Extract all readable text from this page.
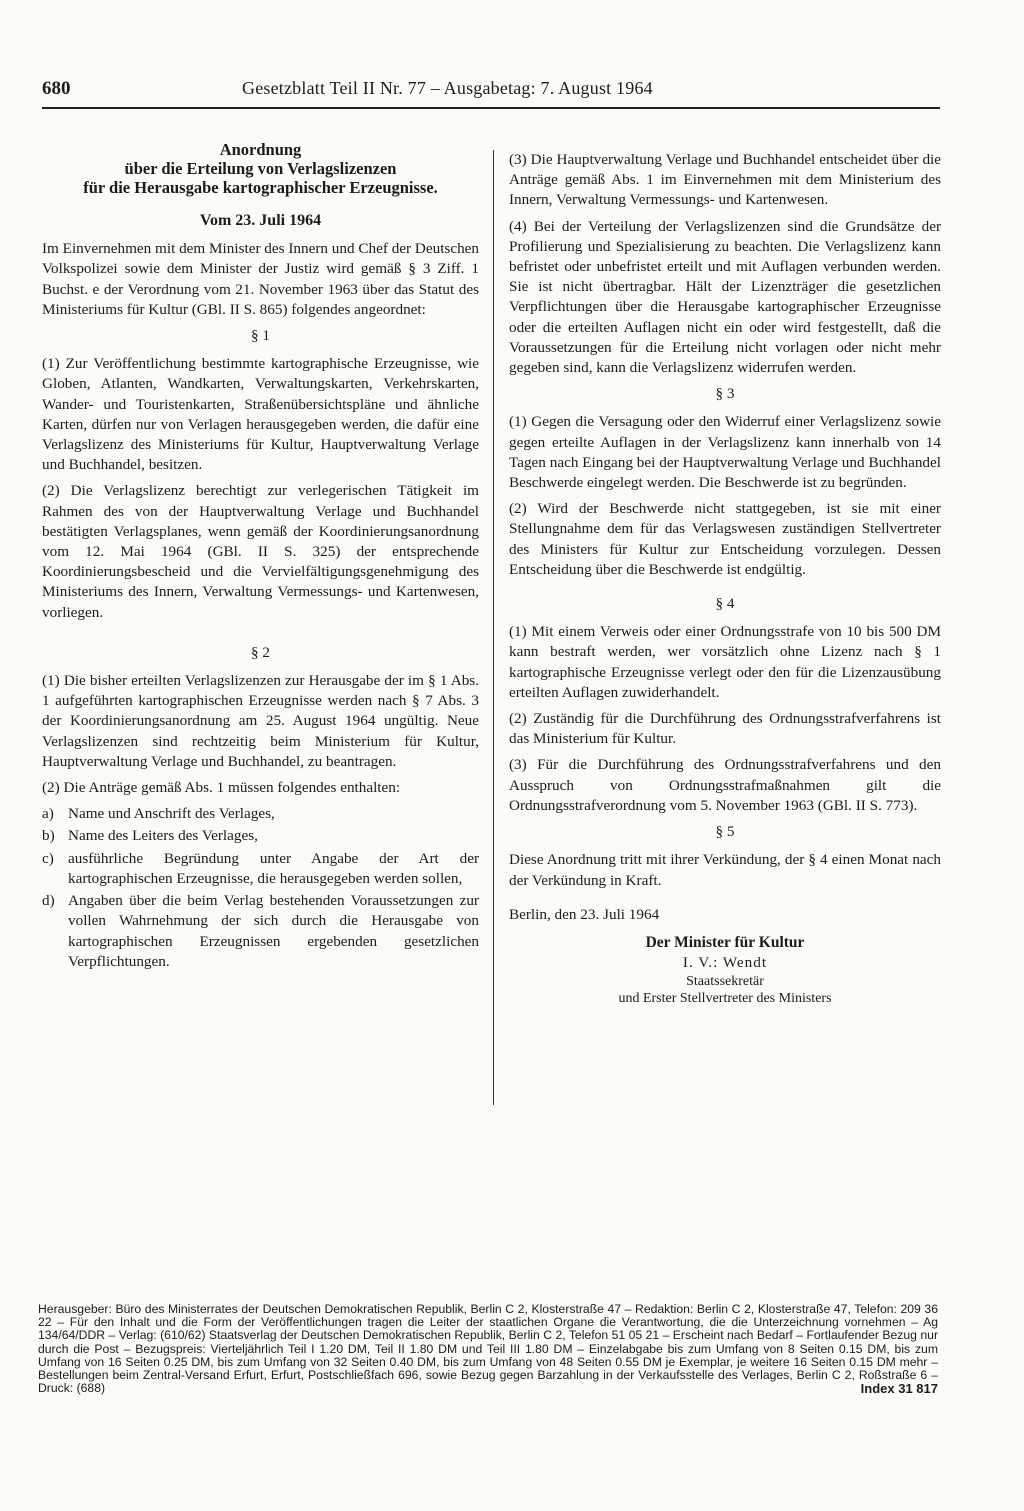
680	Gesetzblatt Teil II Nr. 77 – Ausgabetag: 7. August 1964
Anordnung
über die Erteilung von Verlagslizenzen
für die Herausgabe kartographischer Erzeugnisse.
Vom 23. Juli 1964

Im Einvernehmen mit dem Minister des Innern und Chef der Deutschen Volkspolizei sowie dem Minister der Justiz wird gemäß § 3 Ziff. 1 Buchst. e der Verordnung vom 21. November 1963 über das Statut des Ministeriums für Kultur (GBl. II S. 865) folgendes angeordnet:

§ 1

(1) Zur Veröffentlichung bestimmte kartographische Erzeugnisse, wie Globen, Atlanten, Wandkarten, Verwaltungskarten, Verkehrskarten, Wander- und Touristenkarten, Straßenübersichtspläne und ähnliche Karten, dürfen nur von Verlagen herausgegeben werden, die dafür eine Verlagslizenz des Ministeriums für Kultur, Hauptverwaltung Verlage und Buchhandel, besitzen.

(2) Die Verlagslizenz berechtigt zur verlegerischen Tätigkeit im Rahmen des von der Hauptverwaltung Verlage und Buchhandel bestätigten Verlagsplanes, wenn gemäß der Koordinierungsanordnung vom 12. Mai 1964 (GBl. II S. 325) der entsprechende Koordinierungsbescheid und die Vervielfältigungsgenehmigung des Ministeriums des Innern, Verwaltung Vermessungs- und Kartenwesen, vorliegen.

§ 2

(1) Die bisher erteilten Verlagslizenzen zur Herausgabe der im § 1 Abs. 1 aufgeführten kartographischen Erzeugnisse werden nach § 7 Abs. 3 der Koordinierungsanordnung am 25. August 1964 ungültig. Neue Verlagslizenzen sind rechtzeitig beim Ministerium für Kultur, Hauptverwaltung Verlage und Buchhandel, zu beantragen.

(2) Die Anträge gemäß Abs. 1 müssen folgendes enthalten:

a) Name und Anschrift des Verlages,
b) Name des Leiters des Verlages,
c) ausführliche Begründung unter Angabe der Art der kartographischen Erzeugnisse, die herausgegeben werden sollen,
d) Angaben über die beim Verlag bestehenden Voraussetzungen zur vollen Wahrnehmung der sich durch die Herausgabe von kartographischen Erzeugnissen ergebenden gesetzlichen Verpflichtungen.

(3) Die Hauptverwaltung Verlage und Buchhandel entscheidet über die Anträge gemäß Abs. 1 im Einvernehmen mit dem Ministerium des Innern, Verwaltung Vermessungs- und Kartenwesen.

(4) Bei der Verteilung der Verlagslizenzen sind die Grundsätze der Profilierung und Spezialisierung zu beachten. Die Verlagslizenz kann befristet oder unbefristet erteilt und mit Auflagen verbunden werden. Sie ist nicht übertragbar. Hält der Lizenzträger die gesetzlichen Verpflichtungen über die Herausgabe kartographischer Erzeugnisse oder die erteilten Auflagen nicht ein oder wird festgestellt, daß die Voraussetzungen für die Erteilung nicht vorlagen oder nicht mehr gegeben sind, kann die Verlagslizenz widerrufen werden.

§ 3

(1) Gegen die Versagung oder den Widerruf einer Verlagslizenz sowie gegen erteilte Auflagen in der Verlagslizenz kann innerhalb von 14 Tagen nach Eingang bei der Hauptverwaltung Verlage und Buchhandel Beschwerde eingelegt werden. Die Beschwerde ist zu begründen.

(2) Wird der Beschwerde nicht stattgegeben, ist sie mit einer Stellungnahme dem für das Verlagswesen zuständigen Stellvertreter des Ministers für Kultur zur Entscheidung vorzulegen. Dessen Entscheidung über die Beschwerde ist endgültig.

§ 4

(1) Mit einem Verweis oder einer Ordnungsstrafe von 10 bis 500 DM kann bestraft werden, wer vorsätzlich ohne Lizenz nach § 1 kartographische Erzeugnisse verlegt oder den für die Lizenzausübung erteilten Auflagen zuwiderhandelt.

(2) Zuständig für die Durchführung des Ordnungsstrafverfahrens ist das Ministerium für Kultur.

(3) Für die Durchführung des Ordnungsstrafverfahrens und den Ausspruch von Ordnungsstrafmaßnahmen gilt die Ordnungsstrafverordnung vom 5. November 1963 (GBl. II S. 773).

§ 5

Diese Anordnung tritt mit ihrer Verkündung, der § 4 einen Monat nach der Verkündung in Kraft.

Berlin, den 23. Juli 1964

Der Minister für Kultur
I. V.: Wendt
Staatssekretär
und Erster Stellvertreter des Ministers
Herausgeber: Büro des Ministerrates der Deutschen Demokratischen Republik, Berlin C 2, Klosterstraße 47 – Redaktion: Berlin C 2, Klosterstraße 47, Telefon: 209 36 22 – Für den Inhalt und die Form der Veröffentlichungen tragen die Leiter der staatlichen Organe die Verantwortung, die die Unterzeichnung vornehmen – Ag 134/64/DDR – Verlag: (610/62) Staatsverlag der Deutschen Demokratischen Republik, Berlin C 2, Telefon 51 05 21 – Erscheint nach Bedarf – Fortlaufender Bezug nur durch die Post – Bezugspreis: Vierteljährlich Teil I 1.20 DM, Teil II 1.80 DM und Teil III 1.80 DM – Einzelabgabe bis zum Umfang von 8 Seiten 0.15 DM, bis zum Umfang von 16 Seiten 0.25 DM, bis zum Umfang von 32 Seiten 0.40 DM, bis zum Umfang von 48 Seiten 0.55 DM je Exemplar, je weitere 16 Seiten 0.15 DM mehr – Bestellungen beim Zentral-Versand Erfurt, Erfurt, Postschließfach 696, sowie Bezug gegen Barzahlung in der Verkaufsstelle des Verlages, Berlin C 2, Roßstraße 6 – Druck: (688)	Index 31 817
